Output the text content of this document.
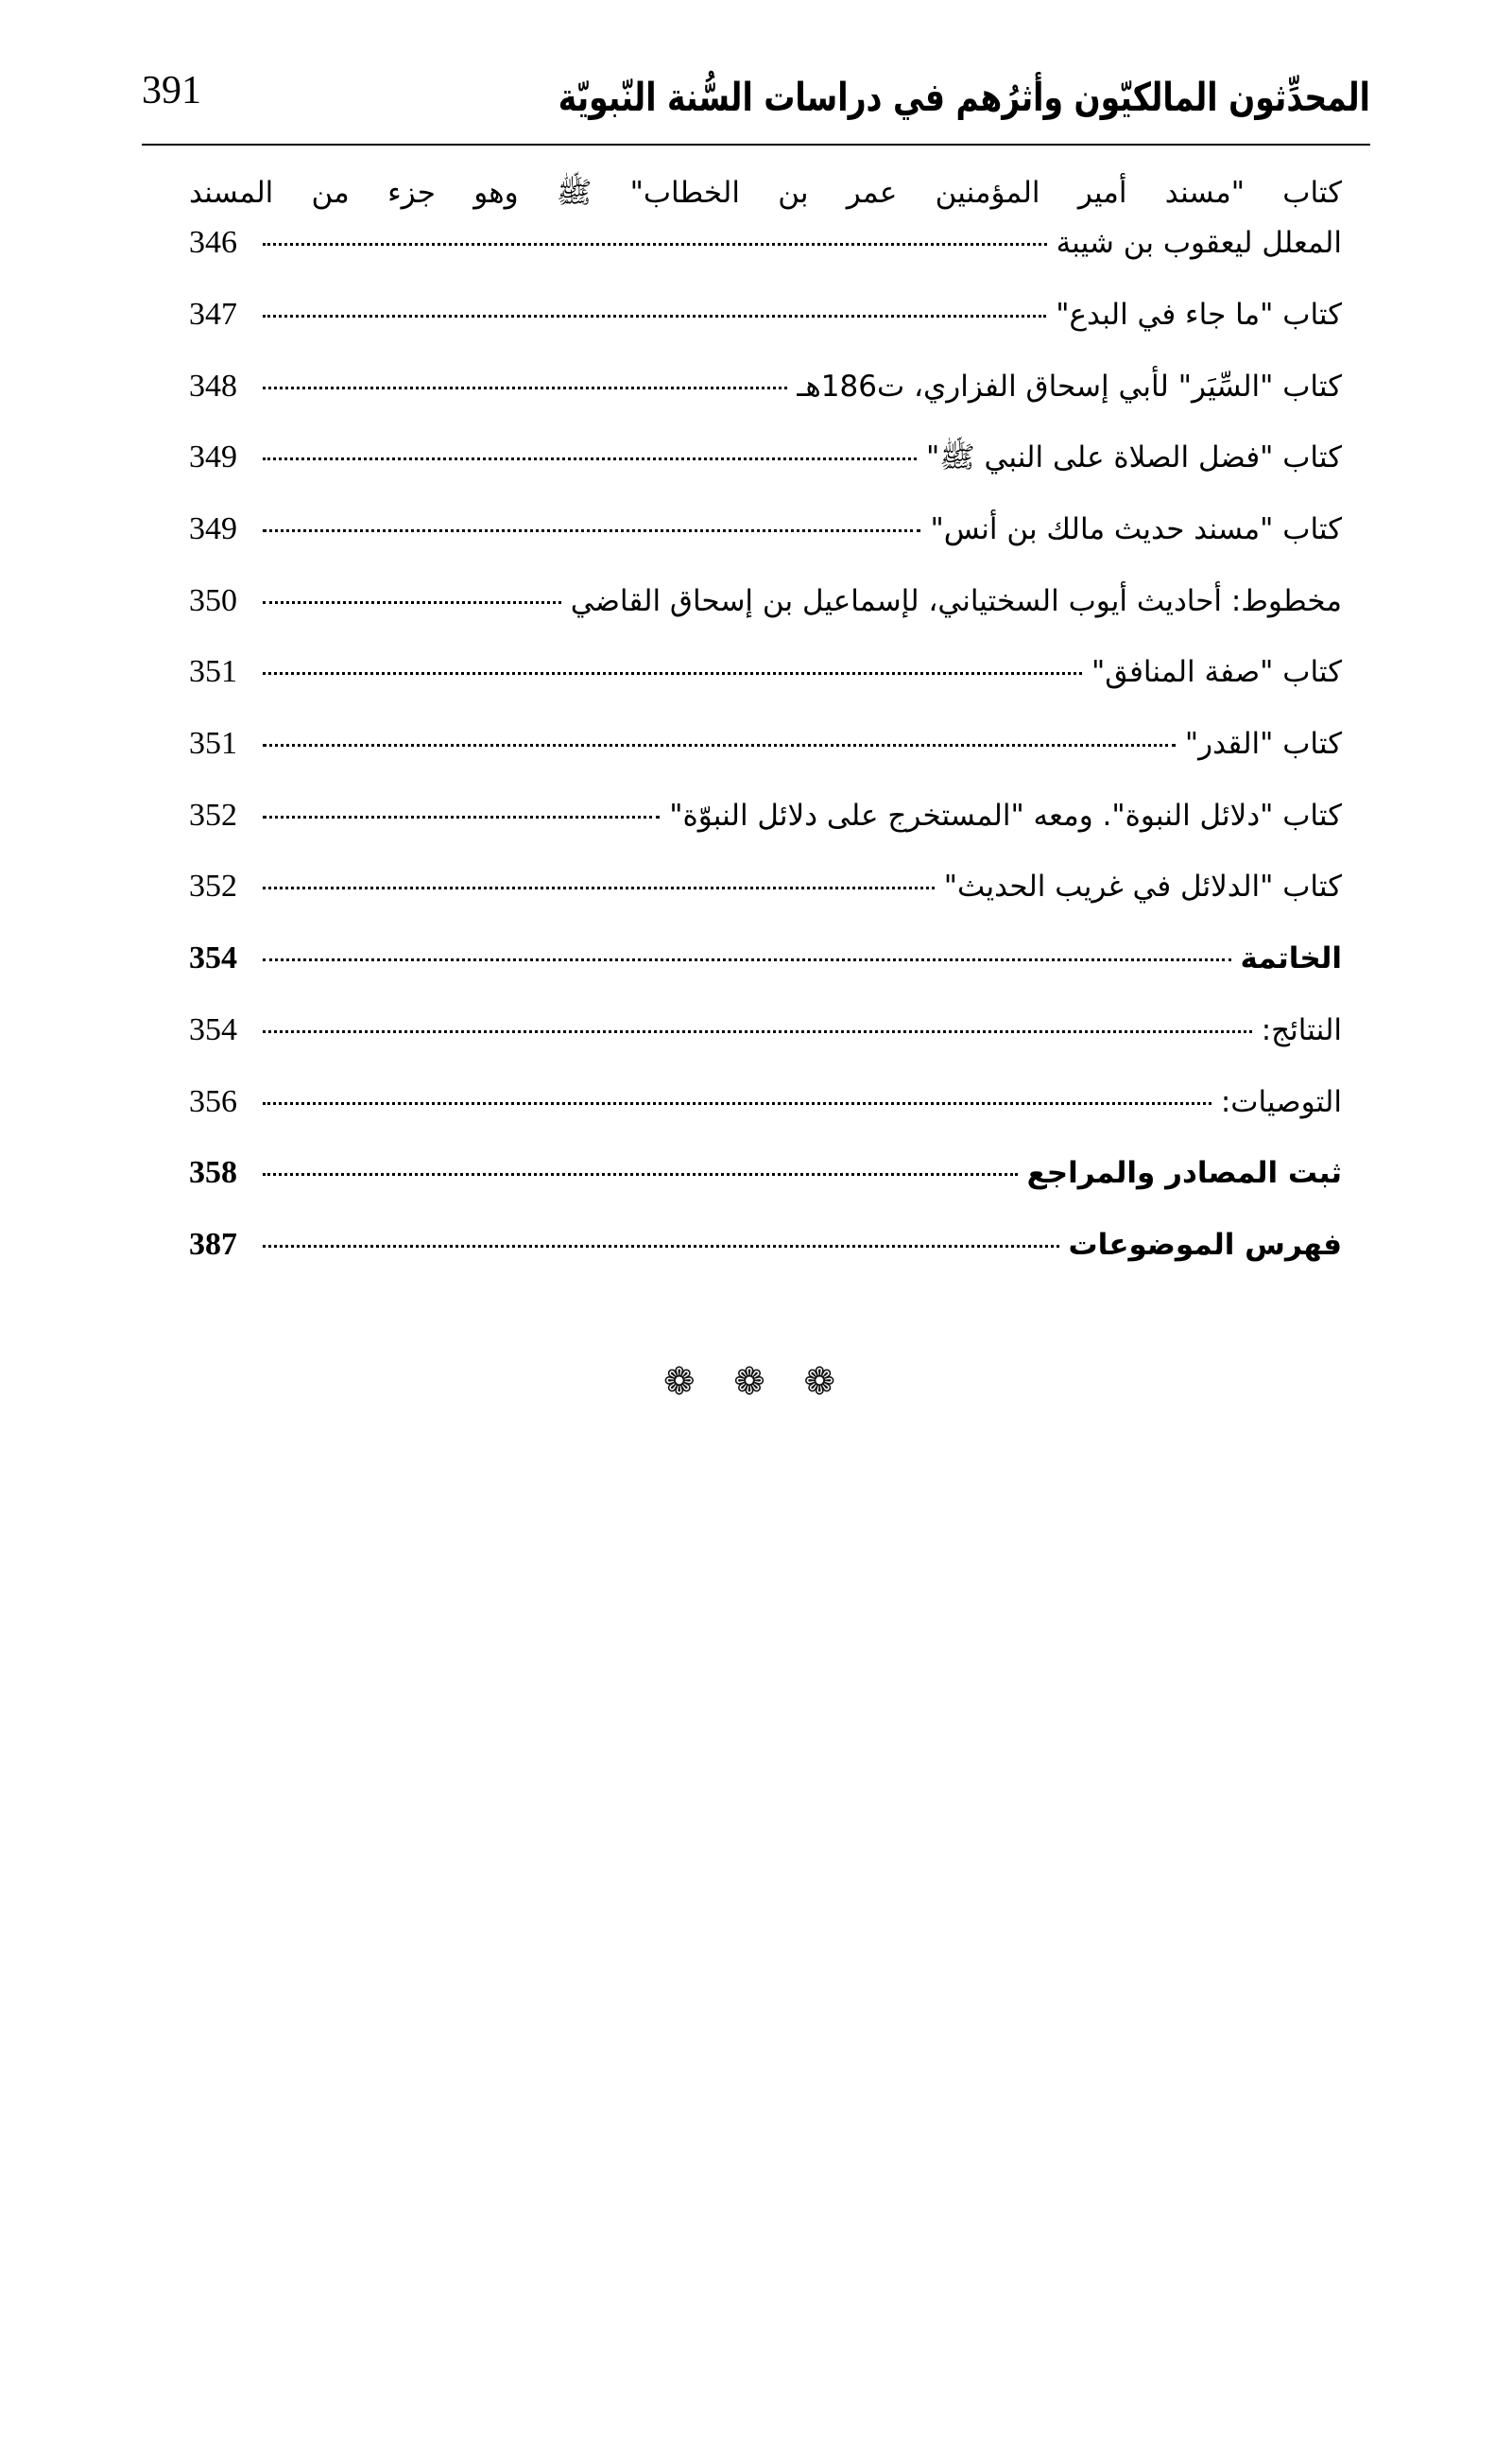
المحدِّثون المالكيّون وأثرُهم في دراسات السُّنة النّبويّة
391
كتاب "مسند أمير المؤمنين عمر بن الخطاب" ﷺ وهو جزء من المسند
المعلل ليعقوب بن شيبة
346
كتاب "ما جاء في البدع"
347
كتاب "السِّيَر" لأبي إسحاق الفزاري، ت186هـ
348
كتاب "فضل الصلاة على النبي ﷺ"
349
كتاب "مسند حديث مالك بن أنس"
349
مخطوط: أحاديث أيوب السختياني، لإسماعيل بن إسحاق القاضي
350
كتاب "صفة المنافق"
351
كتاب "القدر"
351
كتاب "دلائل النبوة". ومعه "المستخرج على دلائل النبوّة"
352
كتاب "الدلائل في غريب الحديث"
352
الخاتمة
354
النتائج:
354
التوصيات:
356
ثبت المصادر والمراجع
358
فهرس الموضوعات
387
❁ ❁ ❁
